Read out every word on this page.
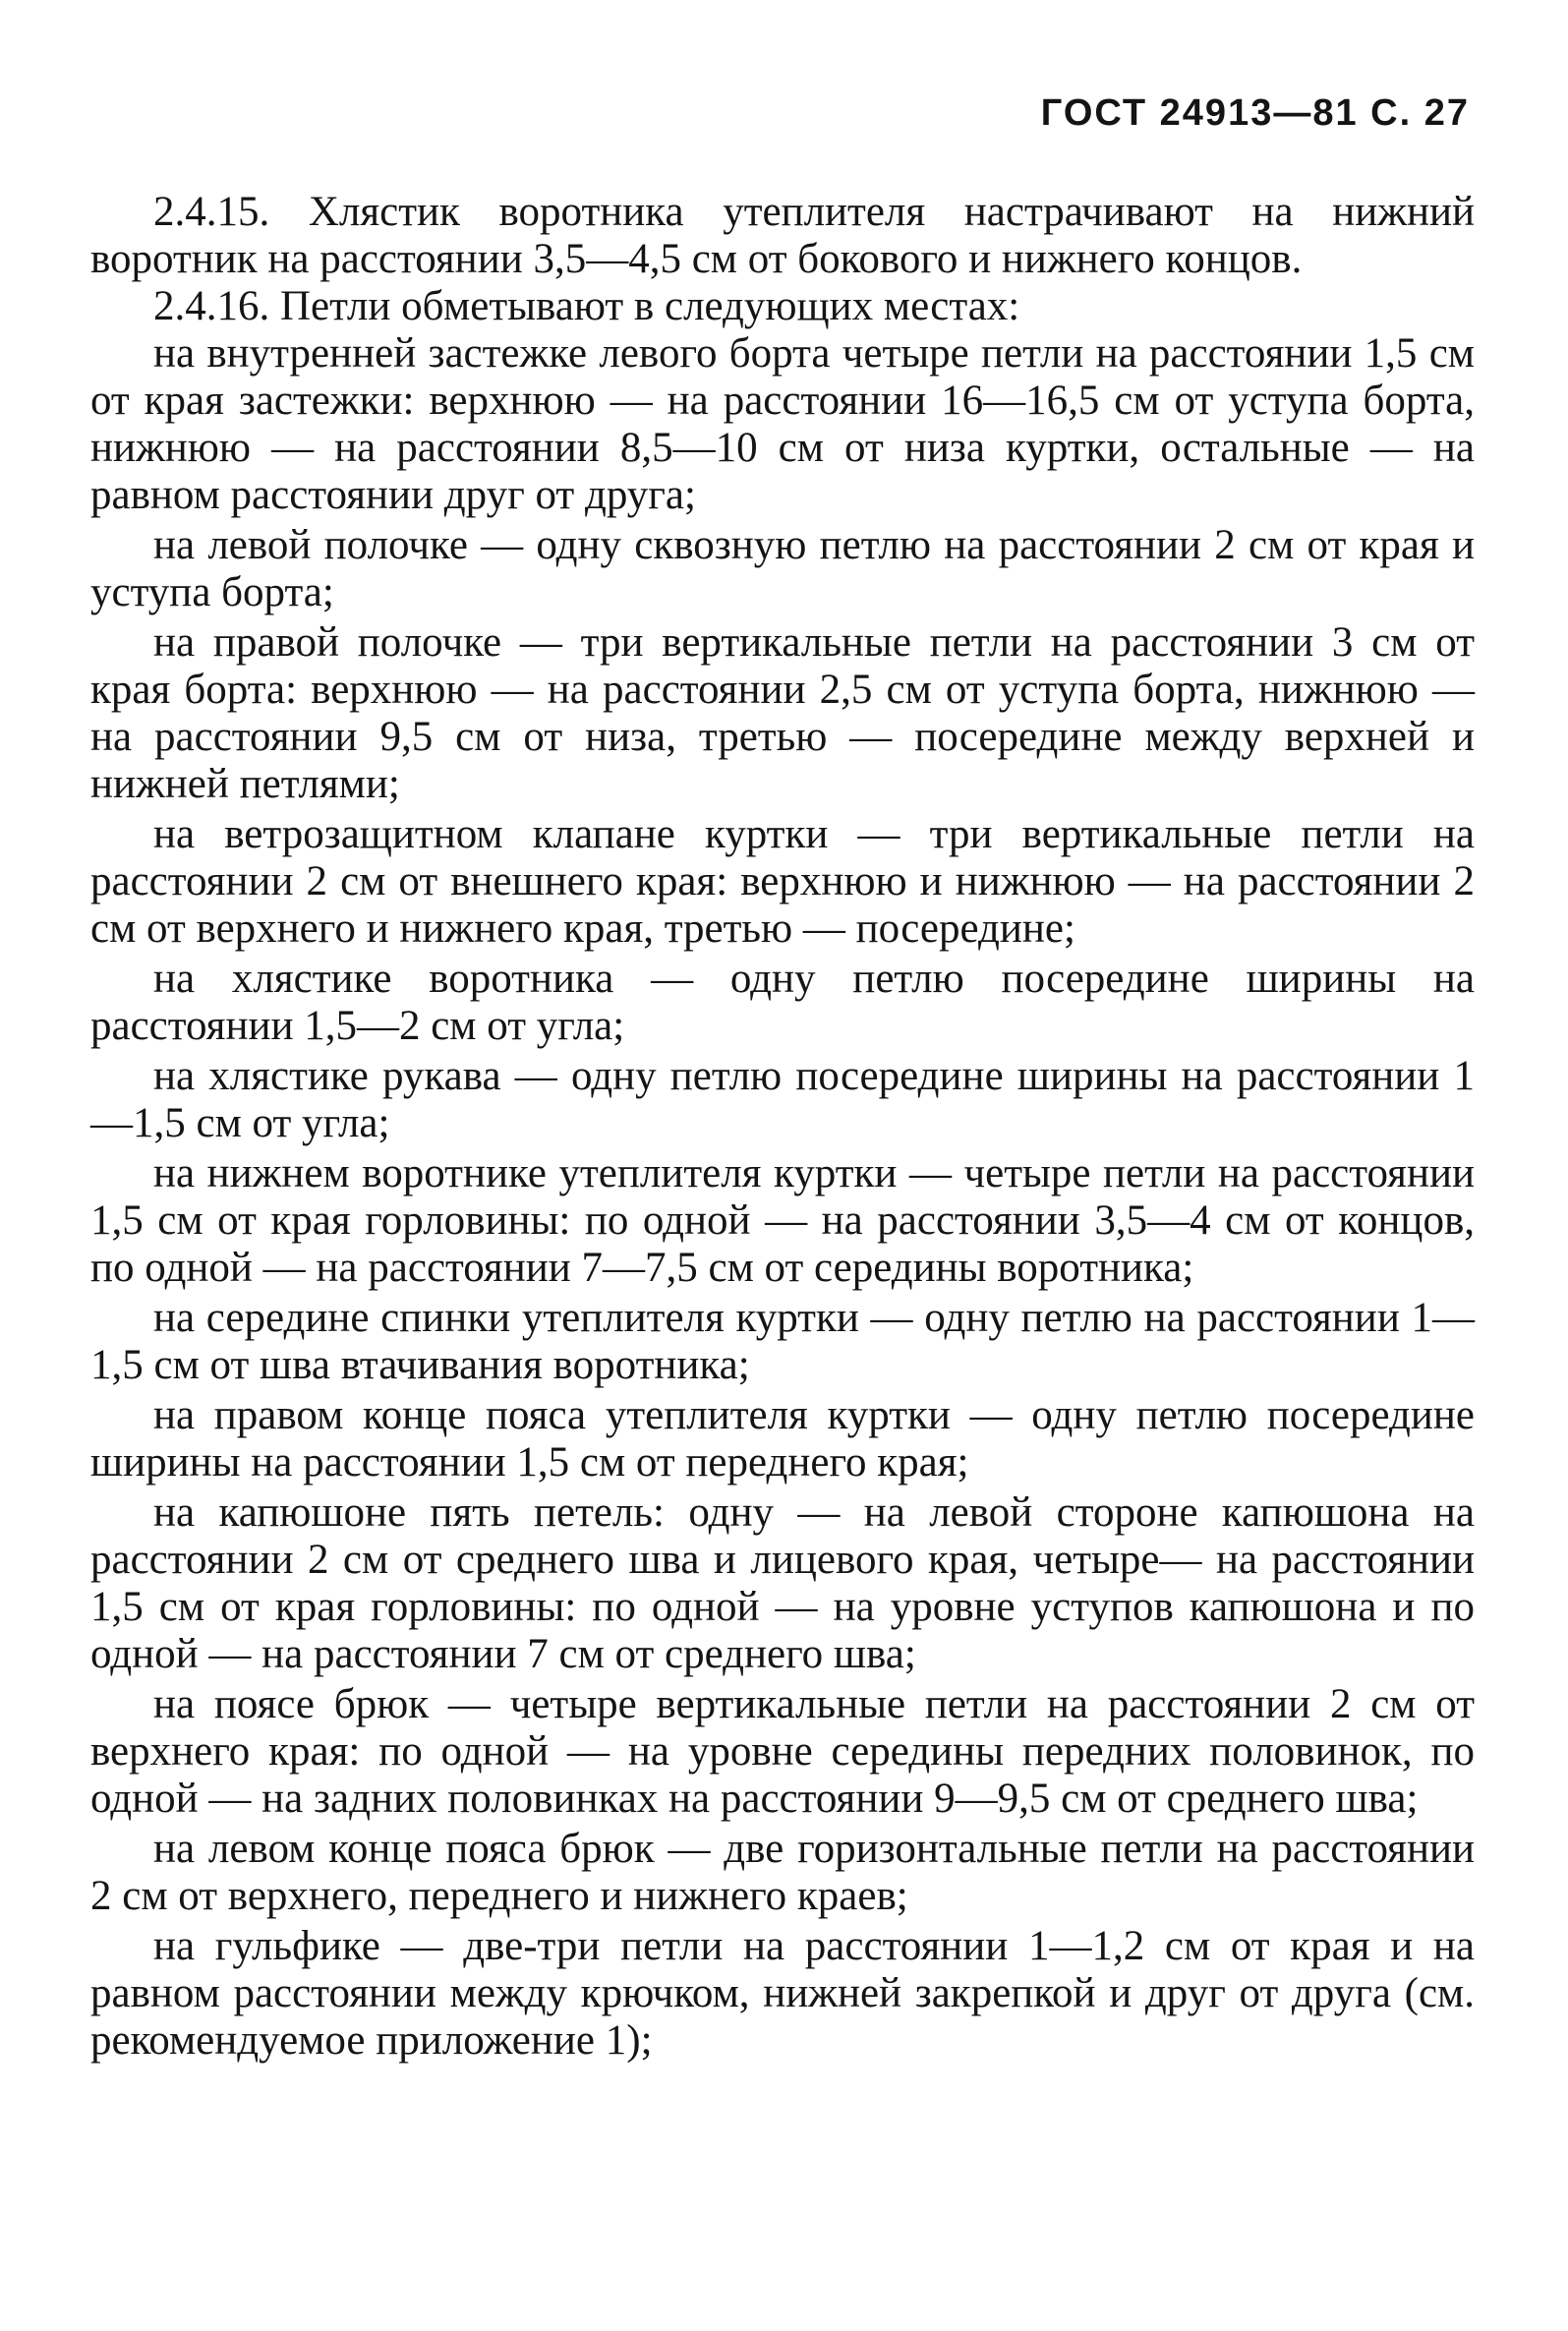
ГОСТ 24913—81 С. 27

2.4.15. Хлястик воротника утеплителя настрачивают на нижний воротник на расстоянии 3,5—4,5 см от бокового и нижнего концов.

2.4.16. Петли обметывают в следующих местах:

на внутренней застежке левого борта четыре петли на расстоянии 1,5 см от края застежки: верхнюю — на расстоянии 16—16,5 см от уступа борта, нижнюю — на расстоянии 8,5—10 см от низа куртки, остальные — на равном расстоянии друг от друга;

на левой полочке — одну сквозную петлю на расстоянии 2 см от края и уступа борта;

на правой полочке — три вертикальные петли на расстоянии 3 см от края борта: верхнюю — на расстоянии 2,5 см от уступа борта, нижнюю — на расстоянии 9,5 см от низа, третью — посередине между верхней и нижней петлями;

на ветрозащитном клапане куртки — три вертикальные петли на расстоянии 2 см от внешнего края: верхнюю и нижнюю — на расстоянии 2 см от верхнего и нижнего края, третью — посередине;

на хлястике воротника — одну петлю посередине ширины на расстоянии 1,5—2 см от угла;

на хлястике рукава — одну петлю посередине ширины на расстоянии 1—1,5 см от угла;

на нижнем воротнике утеплителя куртки — четыре петли на расстоянии 1,5 см от края горловины: по одной — на расстоянии 3,5—4 см от концов, по одной — на расстоянии 7—7,5 см от середины воротника;

на середине спинки утеплителя куртки — одну петлю на расстоянии 1—1,5 см от шва втачивания воротника;

на правом конце пояса утеплителя куртки — одну петлю посередине ширины на расстоянии 1,5 см от переднего края;

на капюшоне пять петель: одну — на левой стороне капюшона на расстоянии 2 см от среднего шва и лицевого края, четыре— на расстоянии 1,5 см от края горловины: по одной — на уровне уступов капюшона и по одной — на расстоянии 7 см от среднего шва;

на поясе брюк — четыре вертикальные петли на расстоянии 2 см от верхнего края: по одной — на уровне середины передних половинок, по одной — на задних половинках на расстоянии 9—9,5 см от среднего шва;

на левом конце пояса брюк — две горизонтальные петли на расстоянии 2 см от верхнего, переднего и нижнего краев;

на гульфике — две-три петли на расстоянии 1—1,2 см от края и на равном расстоянии между крючком, нижней закрепкой и друг от друга (см. рекомендуемое приложение 1);
